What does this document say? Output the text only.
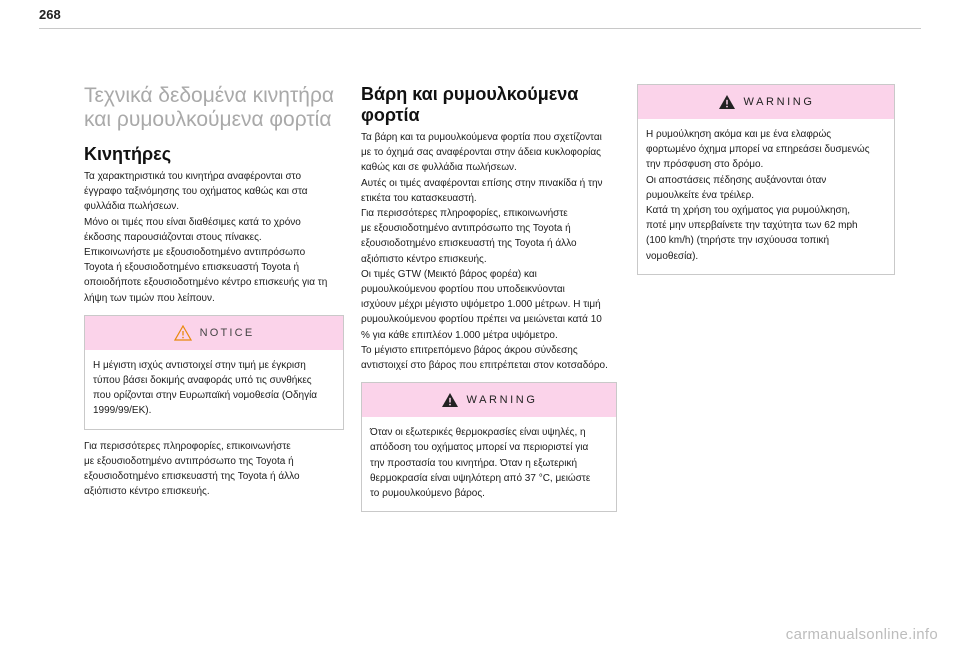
268
Τεχνικά δεδομένα κινητήρα
και ρυμουλκούμενα φορτία
Κινητήρες
Τα χαρακτηριστικά του κινητήρα αναφέρονται στο
έγγραφο ταξινόμησης του οχήματος καθώς και στα
φυλλάδια πωλήσεων.
Μόνο οι τιμές που είναι διαθέσιμες κατά το χρόνο
έκδοσης παρουσιάζονται στους πίνακες.
Επικοινωνήστε με εξουσιοδοτημένο αντιπρόσωπο
Toyota ή εξουσιοδοτημένο επισκευαστή Toyota ή
οποιοδήποτε εξουσιοδοτημένο κέντρο επισκευής για τη
λήψη των τιμών που λείπουν.
NOTICE
Η μέγιστη ισχύς αντιστοιχεί στην τιμή με έγκριση
τύπου βάσει δοκιμής αναφοράς υπό τις συνθήκες
που ορίζονται στην Ευρωπαϊκή νομοθεσία (Οδηγία
1999/99/ΕΚ).
Για περισσότερες πληροφορίες, επικοινωνήστε
με εξουσιοδοτημένο αντιπρόσωπο της Toyota ή
εξουσιοδοτημένο επισκευαστή της Toyota ή άλλο
αξιόπιστο κέντρο επισκευής.
Βάρη και ρυμουλκούμενα
φορτία
Τα βάρη και τα ρυμουλκούμενα φορτία που σχετίζονται
με το όχημά σας αναφέρονται στην άδεια κυκλοφορίας
καθώς και σε φυλλάδια πωλήσεων.
Αυτές οι τιμές αναφέρονται επίσης στην πινακίδα ή την
ετικέτα του κατασκευαστή.
Για περισσότερες πληροφορίες, επικοινωνήστε
με εξουσιοδοτημένο αντιπρόσωπο της Toyota ή
εξουσιοδοτημένο επισκευαστή της Toyota ή άλλο
αξιόπιστο κέντρο επισκευής.
Οι τιμές GTW (Μεικτό βάρος φορέα) και
ρυμουλκούμενου φορτίου που υποδεικνύονται
ισχύουν μέχρι μέγιστο υψόμετρο 1.000 μέτρων. Η τιμή
ρυμουλκούμενου φορτίου πρέπει να μειώνεται κατά 10
% για κάθε επιπλέον 1.000 μέτρα υψόμετρο.
Το μέγιστο επιτρεπόμενο βάρος άκρου σύνδεσης
αντιστοιχεί στο βάρος που επιτρέπεται στον κοτσαδόρο.
WARNING
Όταν οι εξωτερικές θερμοκρασίες είναι υψηλές, η
απόδοση του οχήματος μπορεί να περιοριστεί για
την προστασία του κινητήρα. Όταν η εξωτερική
θερμοκρασία είναι υψηλότερη από 37 °C, μειώστε
το ρυμουλκούμενο βάρος.
WARNING
Η ρυμούλκηση ακόμα και με ένα ελαφρώς
φορτωμένο όχημα μπορεί να επηρεάσει δυσμενώς
την πρόσφυση στο δρόμο.
Οι αποστάσεις πέδησης αυξάνονται όταν
ρυμουλκείτε ένα τρέιλερ.
Κατά τη χρήση του οχήματος για ρυμούλκηση,
ποτέ μην υπερβαίνετε την ταχύτητα των 62 mph
(100 km/h) (τηρήστε την ισχύουσα τοπική
νομοθεσία).
carmanualsonline.info
